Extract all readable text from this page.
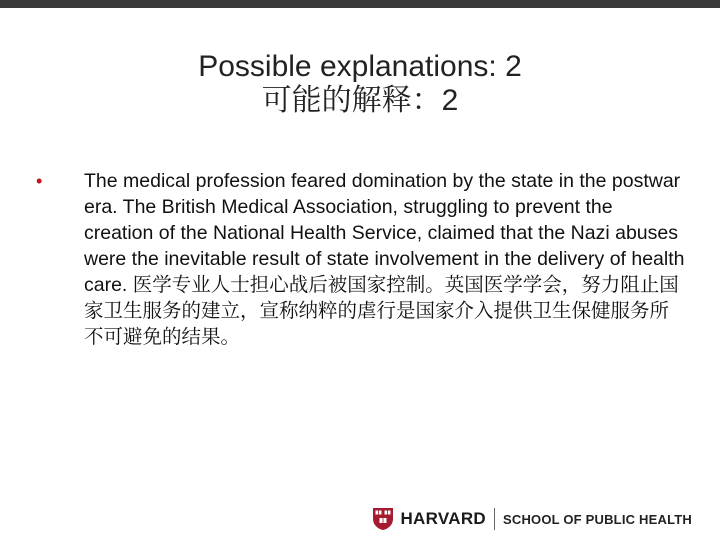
Possible explanations: 2
可能的解释：2
•	The medical profession feared domination by the state in the postwar era. The British Medical Association, struggling to prevent the creation of the National Health Service, claimed that the Nazi abuses were the inevitable result of state involvement in the delivery of health care. 医学专业人士担心战后被国家控制。英国医学学会，努力阻止国家卫生服务的建立，宣称纳粹的虐行是国家介入提供卫生保健服务所不可避免的结果。
HARVARD SCHOOL OF PUBLIC HEALTH
